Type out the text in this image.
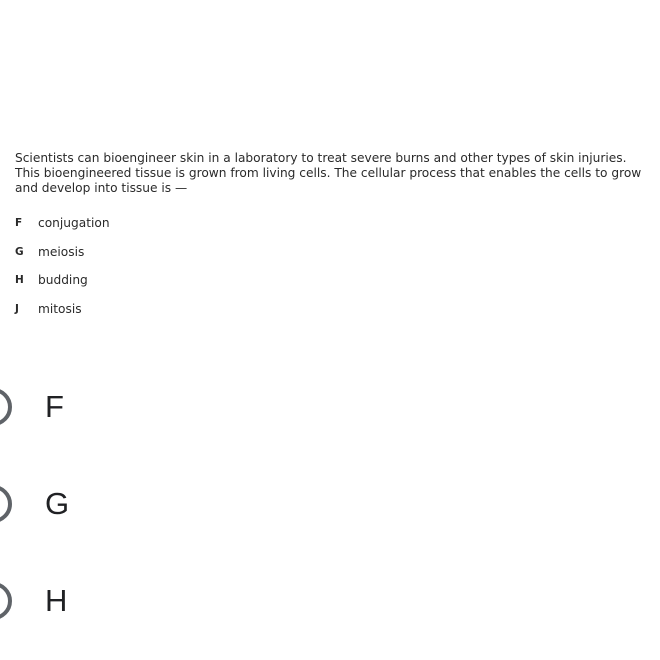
Scientists can bioengineer skin in a laboratory to treat severe burns and other types of skin injuries. This bioengineered tissue is grown from living cells. The cellular process that enables the cells to grow and develop into tissue is —
F	conjugation
G	meiosis
H	budding
J	mitosis
F
G
H
